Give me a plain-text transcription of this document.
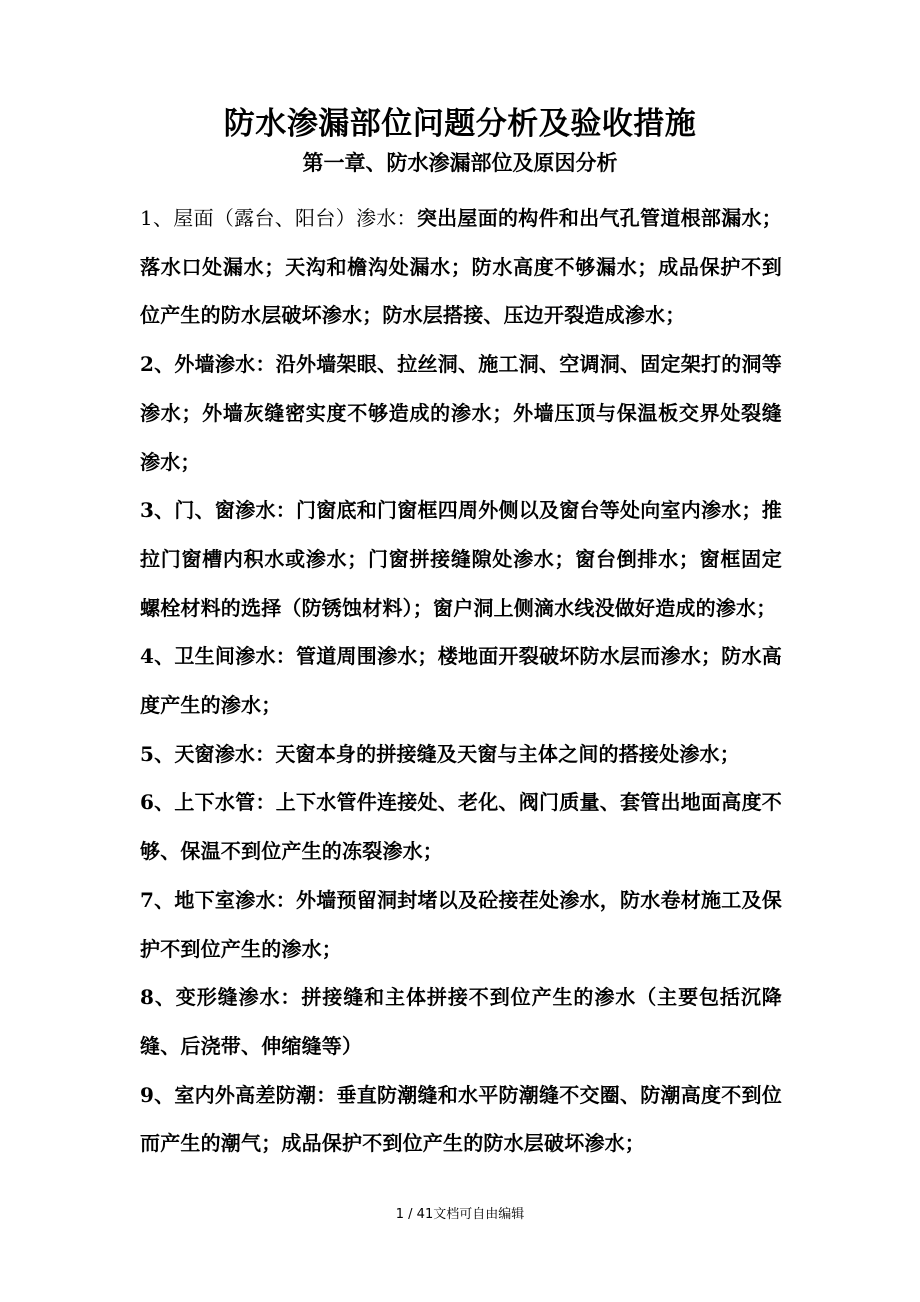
防水渗漏部位问题分析及验收措施
第一章、防水渗漏部位及原因分析

1、屋面（露台、阳台）渗水：突出屋面的构件和出气孔管道根部漏水；落水口处漏水；天沟和檐沟处漏水；防水高度不够漏水；成品保护不到位产生的防水层破坏渗水；防水层搭接、压边开裂造成渗水；

2、外墙渗水：沿外墙架眼、拉丝洞、施工洞、空调洞、固定架打的洞等渗水；外墙灰缝密实度不够造成的渗水；外墙压顶与保温板交界处裂缝渗水；

3、门、窗渗水：门窗底和门窗框四周外侧以及窗台等处向室内渗水；推拉门窗槽内积水或渗水；门窗拼接缝隙处渗水；窗台倒排水；窗框固定螺栓材料的选择（防锈蚀材料）；窗户洞上侧滴水线没做好造成的渗水；

4、卫生间渗水：管道周围渗水；楼地面开裂破坏防水层而渗水；防水高度产生的渗水；

5、天窗渗水：天窗本身的拼接缝及天窗与主体之间的搭接处渗水；

6、上下水管：上下水管件连接处、老化、阀门质量、套管出地面高度不够、保温不到位产生的冻裂渗水；

7、地下室渗水：外墙预留洞封堵以及砼接茬处渗水，防水卷材施工及保护不到位产生的渗水；

8、变形缝渗水：拼接缝和主体拼接不到位产生的渗水（主要包括沉降缝、后浇带、伸缩缝等）

9、室内外高差防潮：垂直防潮缝和水平防潮缝不交圈、防潮高度不到位而产生的潮气；成品保护不到位产生的防水层破坏渗水；

1 / 41文档可自由编辑
